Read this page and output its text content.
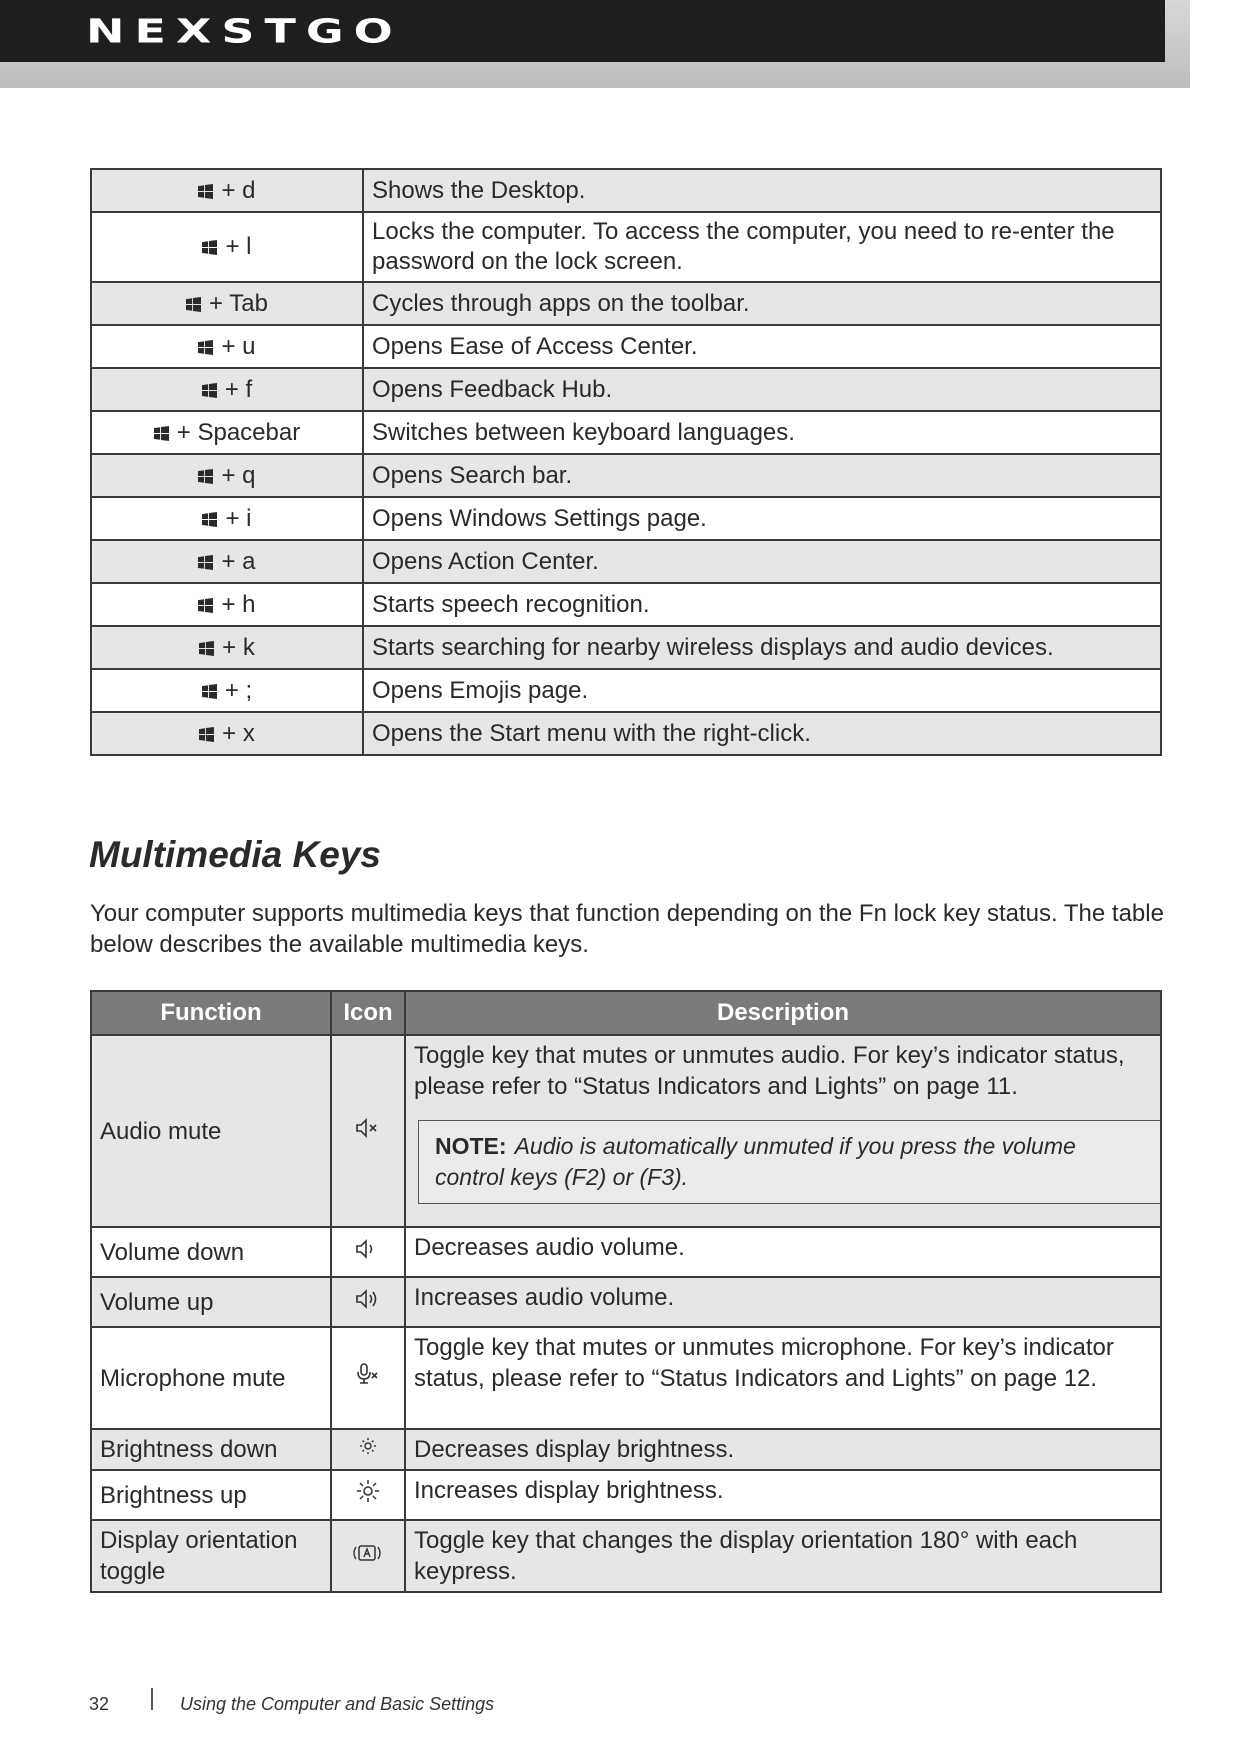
NEXSTGO
+ d	Shows the Desktop.
+ l	Locks the computer. To access the computer, you need to re-enter the password on the lock screen.
+ Tab	Cycles through apps on the toolbar.
+ u	Opens Ease of Access Center.
+ f	Opens Feedback Hub.
+ Spacebar	Switches between keyboard languages.
+ q	Opens Search bar.
+ i	Opens Windows Settings page.
+ a	Opens Action Center.
+ h	Starts speech recognition.
+ k	Starts searching for nearby wireless displays and audio devices.
+ ;	Opens Emojis page.
+ x	Opens the Start menu with the right-click.
Multimedia Keys

Your computer supports multimedia keys that function depending on the Fn lock key status. The table below describes the available multimedia keys.

Function	Icon	Description
Audio mute		Toggle key that mutes or unmutes audio. For key’s indicator status, please refer to “Status Indicators and Lights” on page 11.
NOTE: Audio is automatically unmuted if you press the volume control keys (F2) or (F3).

Volume down		Decreases audio volume.
Volume up		Increases audio volume.
Microphone mute		Toggle key that mutes or unmutes microphone. For key’s indicator status, please refer to “Status Indicators and Lights” on page 12.
Brightness down		Decreases display brightness.
Brightness up		Increases display brightness.
Display orientation toggle		Toggle key that changes the display orientation 180° with each keypress.
32	Using the Computer and Basic Settings
